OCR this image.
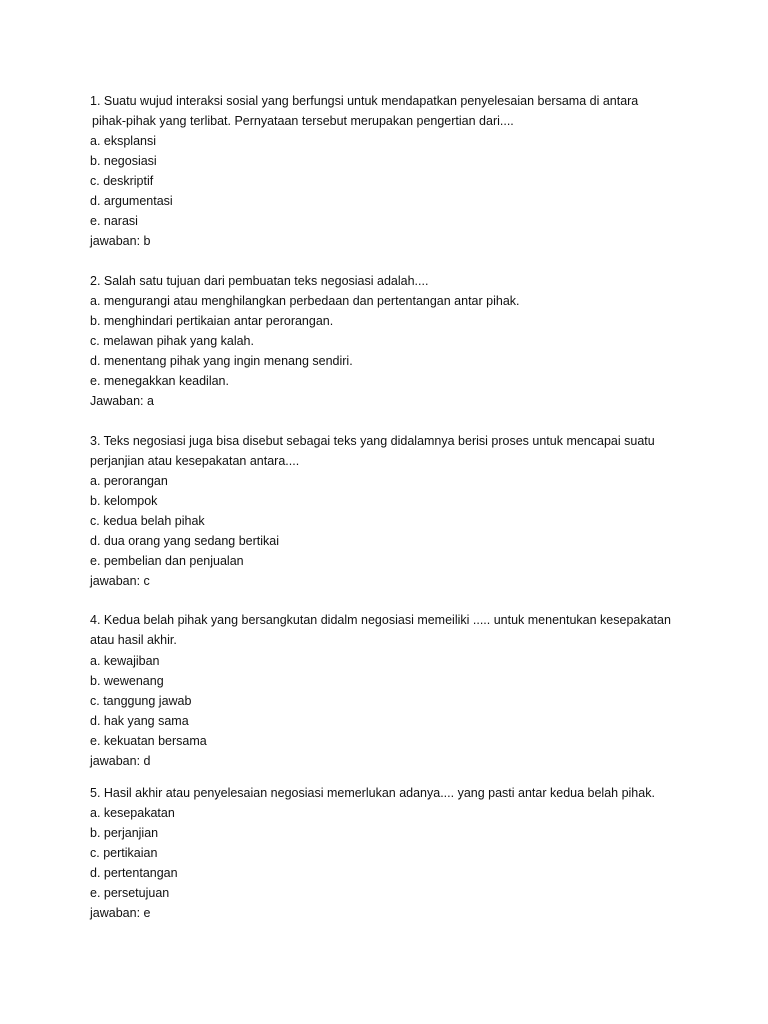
1. Suatu wujud interaksi sosial yang berfungsi untuk mendapatkan penyelesaian bersama di antara
pihak-pihak yang terlibat. Pernyataan tersebut merupakan pengertian dari....
a. eksplansi
b. negosiasi
c. deskriptif
d. argumentasi
e. narasi
jawaban: b
2. Salah satu tujuan dari pembuatan teks negosiasi adalah....
a. mengurangi atau menghilangkan perbedaan dan pertentangan antar pihak.
b. menghindari pertikaian antar perorangan.
c. melawan pihak yang kalah.
d. menentang pihak yang ingin menang sendiri.
e. menegakkan keadilan.
Jawaban: a
3. Teks negosiasi juga bisa disebut sebagai teks yang didalamnya berisi proses untuk mencapai suatu
perjanjian atau kesepakatan antara....
a. perorangan
b. kelompok
c. kedua belah pihak
d. dua orang yang sedang bertikai
e. pembelian dan penjualan
jawaban: c
4. Kedua belah pihak yang bersangkutan didalm negosiasi memeiliki ..... untuk menentukan kesepakatan
atau hasil akhir.
a. kewajiban
b. wewenang
c. tanggung jawab
d. hak yang sama
e. kekuatan bersama
jawaban: d
5. Hasil akhir atau penyelesaian negosiasi memerlukan adanya.... yang pasti antar kedua belah pihak.
a. kesepakatan
b. perjanjian
c. pertikaian
d. pertentangan
e. persetujuan
jawaban: e
